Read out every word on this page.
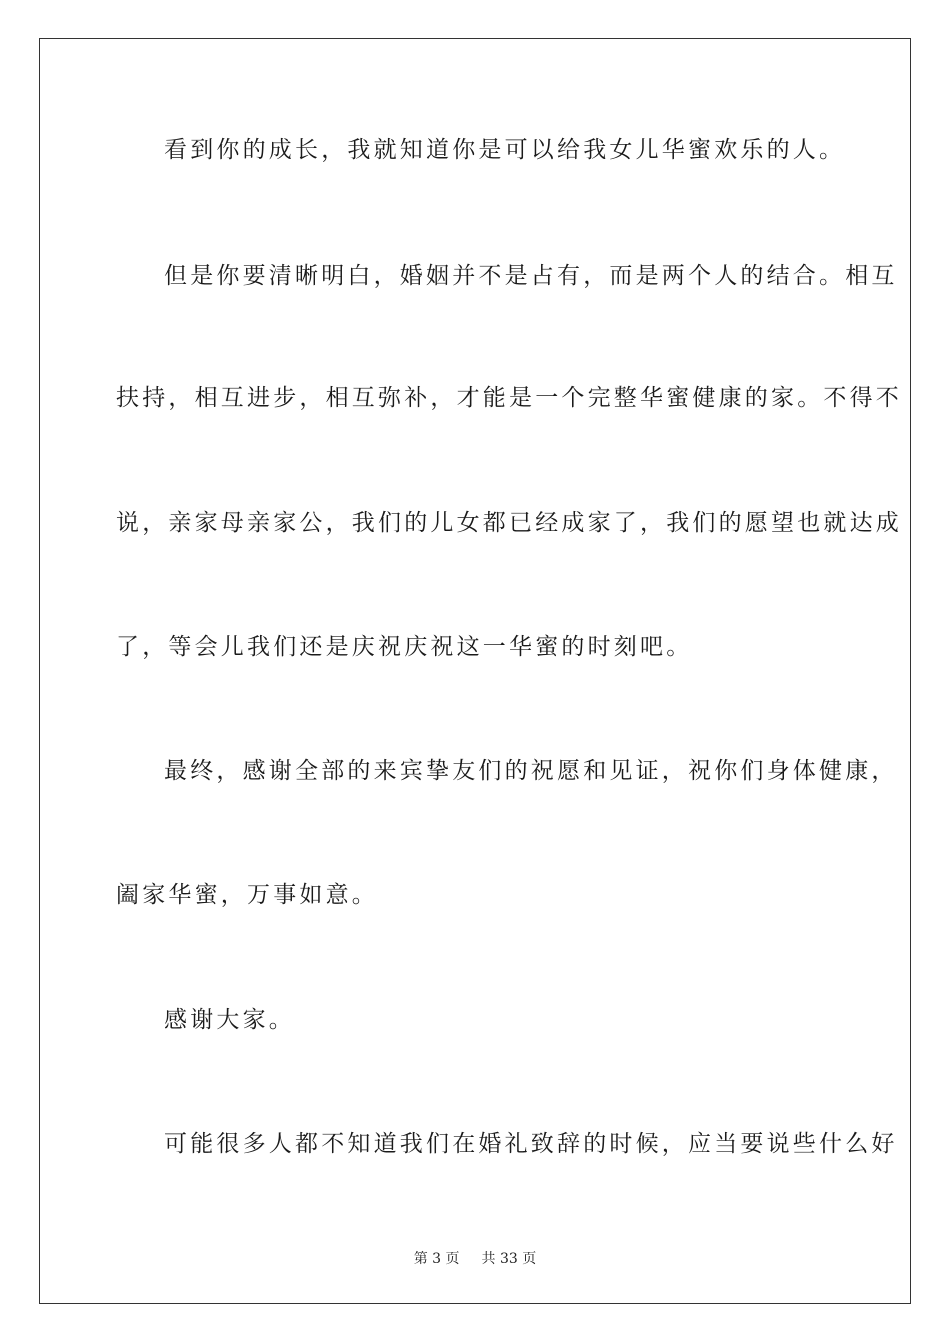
看到你的成长，我就知道你是可以给我女儿华蜜欢乐的人。
但是你要清晰明白，婚姻并不是占有，而是两个人的结合。相互
扶持，相互进步，相互弥补，才能是一个完整华蜜健康的家。不得不
说，亲家母亲家公，我们的儿女都已经成家了，我们的愿望也就达成
了，等会儿我们还是庆祝庆祝这一华蜜的时刻吧。
最终，感谢全部的来宾挚友们的祝愿和见证，祝你们身体健康，
阖家华蜜，万事如意。
感谢大家。
可能很多人都不知道我们在婚礼致辞的时候，应当要说些什么好
第 3 页 共 33 页
